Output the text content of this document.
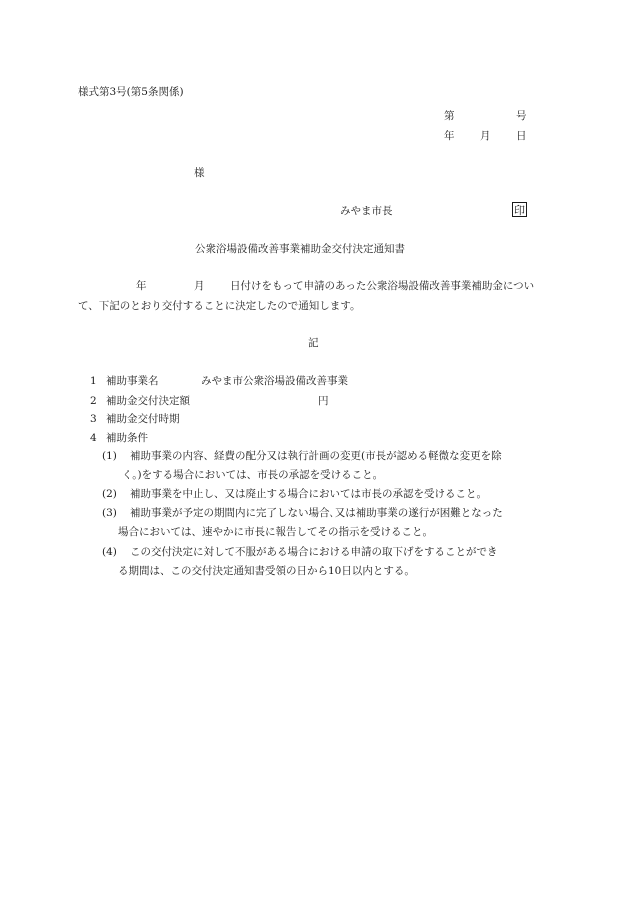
様式第3号(第5条関係)
第	号
年 月 日
様
みやま市長	印
公衆浴場設備改善事業補助金交付決定通知書
年	月 日付けをもって申請のあった公衆浴場設備改善事業補助金につい
て、下記のとおり交付することに決定したので通知します。
記
1 補助事業名	みやま市公衆浴場設備改善事業
2 補助金交付決定額	円
3 補助金交付時期
4 補助条件
(1) 補助事業の内容、経費の配分又は執行計画の変更(市長が認める軽微な変更を除
く。)をする場合においては、市長の承認を受けること。
(2) 補助事業を中止し、又は廃止する場合においては市長の承認を受けること。
(3) 補助事業が予定の期間内に完了しない場合､又は補助事業の遂行が困難となった
場合においては、速やかに市長に報告してその指示を受けること。
(4) この交付決定に対して不服がある場合における申請の取下げをすることができ
る期間は、この交付決定通知書受領の日から10日以内とする。
